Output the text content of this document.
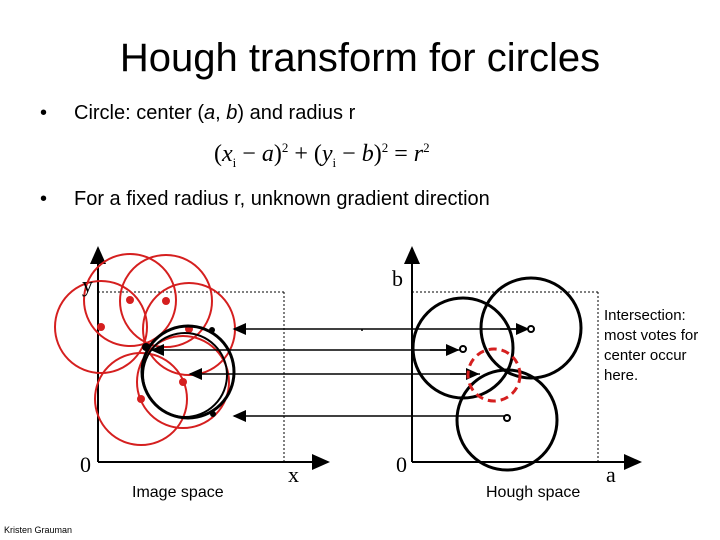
Hough transform for circles
• Circle: center (a, b) and radius r
$(x_i - a)^2 + (y_i - b)^2 = r^2$
• For a fixed radius r, unknown gradient direction
y
x
0
b
a
0
Intersection: most votes for center occur here.
Image space	Hough space
Kristen Grauman
